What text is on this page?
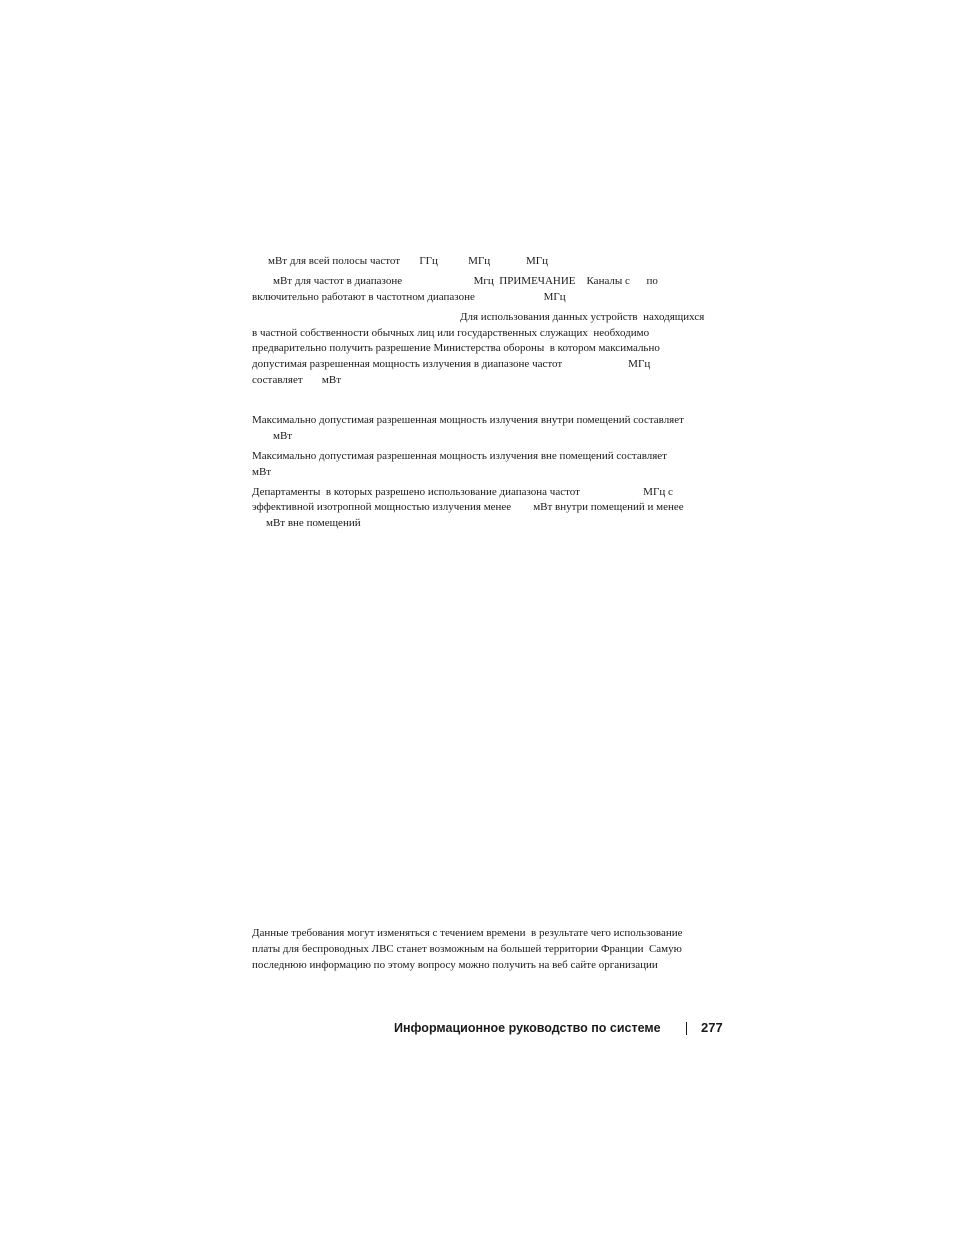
мВт для всей полосы частот       ГГц           МГц             МГц

мВт для частот в диапазоне                          Мгц  ПРИМЕЧАНИЕ    Каналы с      по

включительно работают в частотном диапазоне                         МГц

Для использования данных устройств  находящихся

в частной собственности обычных лиц или государственных служащих  необходимо

предварительно получить разрешение Министерства обороны  в котором максимально

допустимая разрешенная мощность излучения в диапазоне частот                        МГц

составляет       мВт

Максимально допустимая разрешенная мощность излучения внутри помещений составляет

мВт

Максимально допустимая разрешенная мощность излучения вне помещений составляет

мВт

Департаменты  в которых разрешено использование диапазона частот                       МГц с

эффективной изотропной мощностью излучения менее        мВт внутри помещений и менее

мВт вне помещений

Данные требования могут изменяться с течением времени  в результате чего использование

платы для беспроводных ЛВС станет возможным на большей территории Франции  Самую

последнюю информацию по этому вопросу можно получить на веб сайте организации

Информационное руководство по системе	277
